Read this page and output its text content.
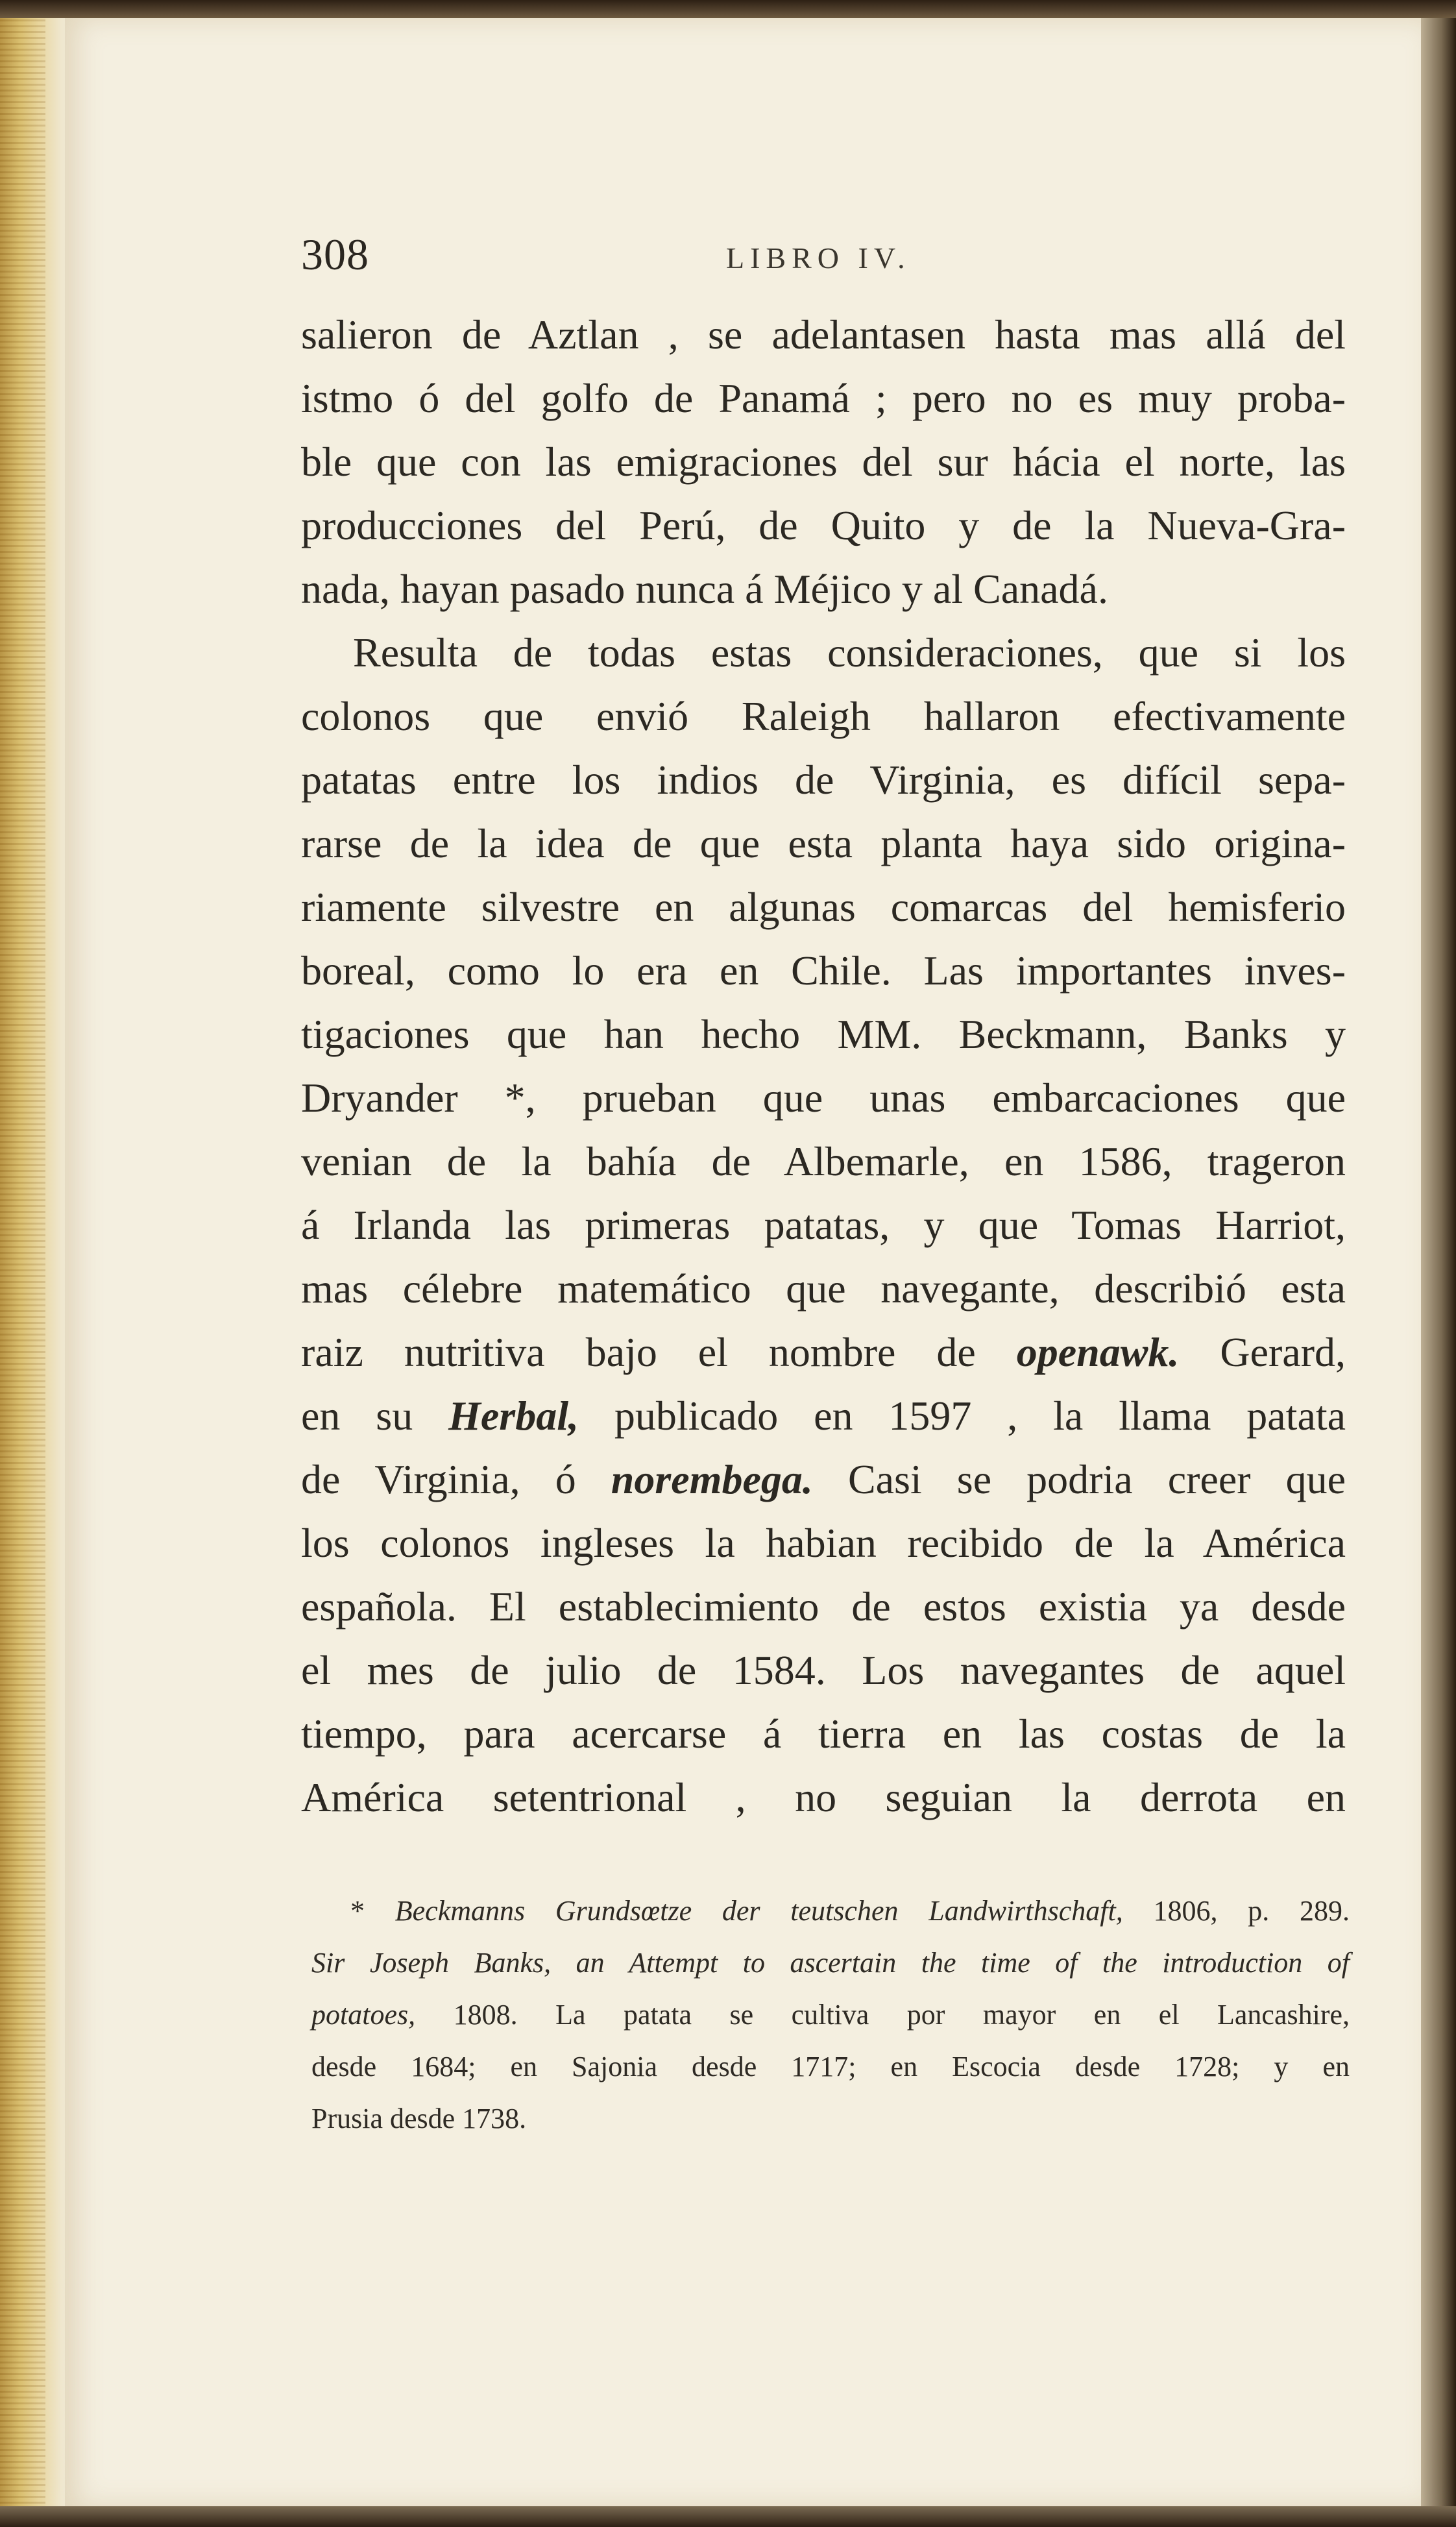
308	LIBRO IV.
salieron de Aztlan , se adelantasen hasta mas allá del
istmo ó del golfo de Panamá ; pero no es muy proba-
ble que con las emigraciones del sur hácia el norte, las
producciones del Perú, de Quito y de la Nueva-Gra-
nada, hayan pasado nunca á Méjico y al Canadá.
Resulta de todas estas consideraciones, que si los
colonos que envió Raleigh hallaron efectivamente
patatas entre los indios de Virginia, es difícil sepa-
rarse de la idea de que esta planta haya sido origina-
riamente silvestre en algunas comarcas del hemisferio
boreal, como lo era en Chile. Las importantes inves-
tigaciones que han hecho MM. Beckmann, Banks y
Dryander *, prueban que unas embarcaciones que
venian de la bahía de Albemarle, en 1586, trageron
á Irlanda las primeras patatas, y que Tomas Harriot,
mas célebre matemático que navegante, describió esta
raiz nutritiva bajo el nombre de openawk. Gerard,
en su Herbal, publicado en 1597 , la llama patata
de Virginia, ó norembega. Casi se podria creer que
los colonos ingleses la habian recibido de la América
española. El establecimiento de estos existia ya desde
el mes de julio de 1584. Los navegantes de aquel
tiempo, para acercarse á tierra en las costas de la
América setentrional , no seguian la derrota en
* Beckmanns Grundsœtze der teutschen Landwirthschaft, 1806, p. 289.
Sir Joseph Banks, an Attempt to ascertain the time of the introduction of
potatoes, 1808. La patata se cultiva por mayor en el Lancashire,
desde 1684; en Sajonia desde 1717; en Escocia desde 1728; y en
Prusia desde 1738.
